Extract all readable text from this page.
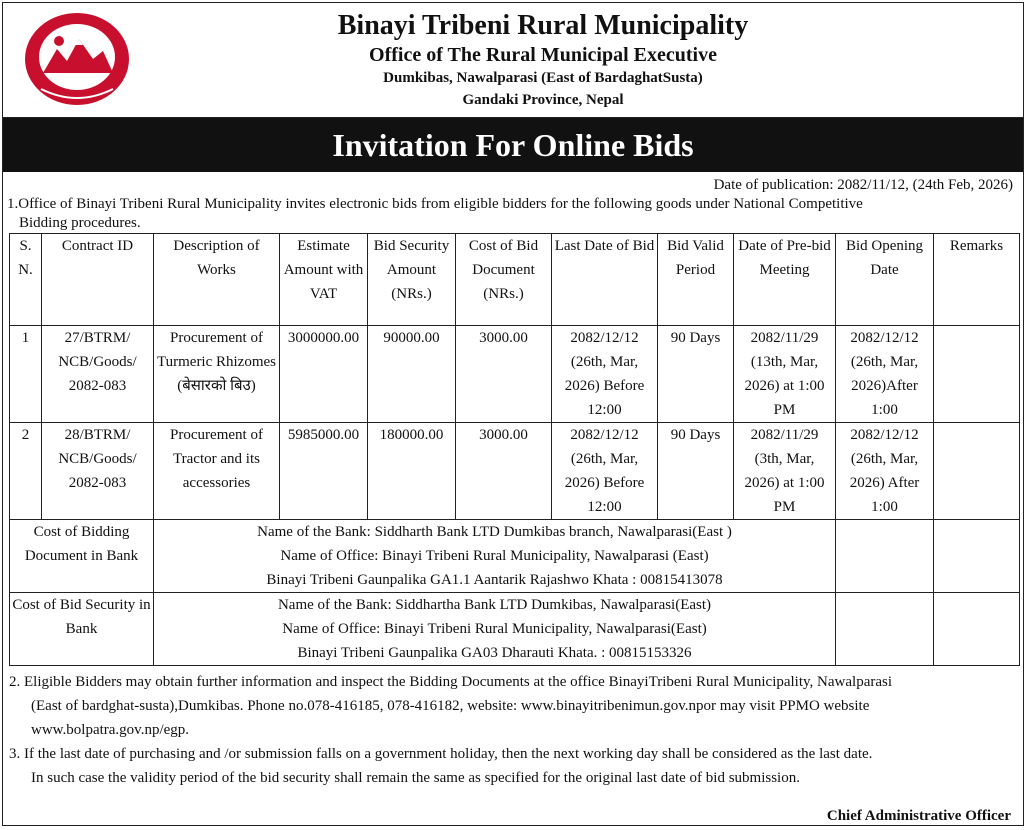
Binayi Tribeni Rural Municipality
Office of The Rural Municipal Executive
Dumkibas, Nawalparasi (East of BardaghatSusta)
Gandaki Province, Nepal
Invitation For Online Bids
Date of publication: 2082/11/12, (24th Feb, 2026)
1.Office of Binayi Tribeni Rural Municipality invites electronic bids from eligible bidders for the following goods under National Competitive
Bidding procedures.
S. N.	Contract ID	Description of Works	Estimate Amount with VAT	Bid Security Amount (NRs.)	Cost of Bid Document (NRs.)	Last Date of Bid	Bid Valid Period	Date of Pre-bid Meeting	Bid Opening Date	Remarks
1	27/BTRM/ NCB/Goods/ 2082-083	Procurement of Turmeric Rhizomes (बेसारको बिउ)	3000000.00	90000.00	3000.00	2082/12/12 (26th, Mar, 2026) Before 12:00	90 Days	2082/11/29 (13th, Mar, 2026) at 1:00 PM	2082/12/12 (26th, Mar, 2026)After 1:00	
2	28/BTRM/ NCB/Goods/ 2082-083	Procurement of Tractor and its accessories	5985000.00	180000.00	3000.00	2082/12/12 (26th, Mar, 2026) Before 12:00	90 Days	2082/11/29 (3th, Mar, 2026) at 1:00 PM	2082/12/12 (26th, Mar, 2026) After 1:00	
Cost of Bidding Document in Bank		Name of the Bank: Siddharth Bank LTD Dumkibas branch, Nawalparasi(East )
Name of Office: Binayi Tribeni Rural Municipality, Nawalparasi (East)
Binayi Tribeni Gaunpalika GA1.1 Aantarik Rajashwo Khata : 00815413078								

Cost of Bid Security in Bank		Name of the Bank: Siddhartha Bank LTD Dumkibas, Nawalparasi(East)
Name of Office: Binayi Tribeni Rural Municipality, Nawalparasi(East)
Binayi Tribeni Gaunpalika GA03 Dharauti Khata. : 00815153326								

2. Eligible Bidders may obtain further information and inspect the Bidding Documents at the office BinayiTribeni Rural Municipality, Nawalparasi

(East of bardghat-susta),Dumkibas. Phone no.078-416185, 078-416182, website: www.binayitribenimun.gov.npor may visit PPMO website

www.bolpatra.gov.np/egp.

3. If the last date of purchasing and /or submission falls on a government holiday, then the next working day shall be considered as the last date.

In such case the validity period of the bid security shall remain the same as specified for the original last date of bid submission.

Chief Administrative Officer
